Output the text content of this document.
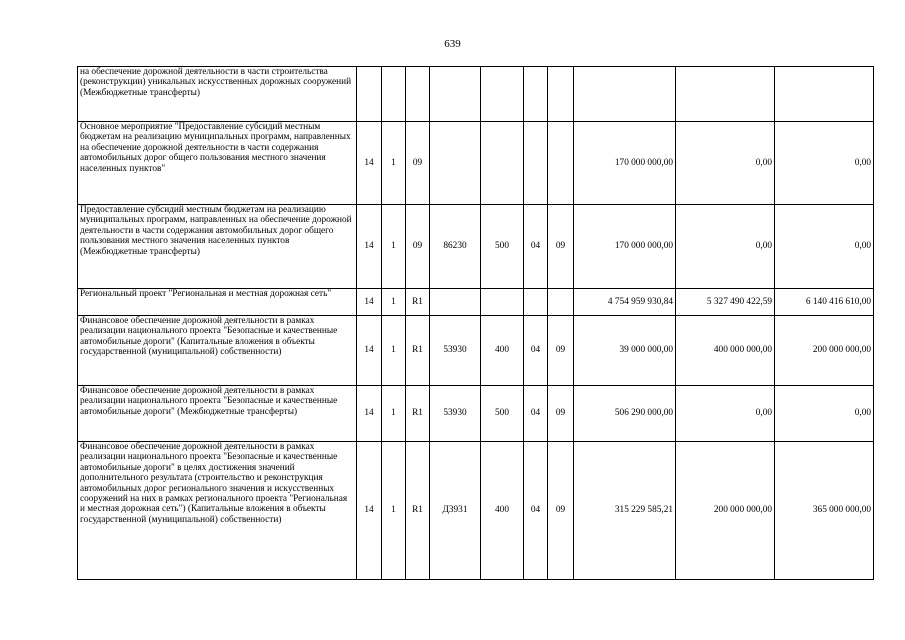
639
на обеспечение дорожной деятельности в части строительства (реконструкции) уникальных искусственных дорожных сооружений (Межбюджетные трансферты)										
Основное мероприятие "Предоставление субсидий местным бюджетам на реализацию муниципальных программ, направленных на обеспечение дорожной деятельности в части содержания автомобильных дорог общего пользования местного значения населенных пунктов"	14	1	09					170 000 000,00	0,00	0,00
Предоставление субсидий местным бюджетам на реализацию муниципальных программ, направленных на обеспечение дорожной деятельности в части содержания автомобильных дорог общего пользования местного значения населенных пунктов (Межбюджетные трансферты)	14	1	09	86230	500	04	09	170 000 000,00	0,00	0,00
Региональный проект "Региональная и местная дорожная сеть"	14	1	R1					4 754 959 930,84	5 327 490 422,59	6 140 416 610,00
Финансовое обеспечение дорожной деятельности в рамках реализации национального проекта "Безопасные и качественные автомобильные дороги" (Капитальные вложения в объекты государственной (муниципальной) собственности)	14	1	R1	53930	400	04	09	39 000 000,00	400 000 000,00	200 000 000,00
Финансовое обеспечение дорожной деятельности в рамках реализации национального проекта "Безопасные и качественные автомобильные дороги" (Межбюджетные трансферты)	14	1	R1	53930	500	04	09	506 290 000,00	0,00	0,00
Финансовое обеспечение дорожной деятельности в рамках реализации национального проекта "Безопасные и качественные автомобильные дороги" в целях достижения значений дополнительного результата (строительство и реконструкция автомобильных дорог регионального значения и искусственных сооружений на них в рамках регионального проекта "Региональная и местная дорожная сеть") (Капитальные вложения в объекты государственной (муниципальной) собственности)	14	1	R1	Д3931	400	04	09	315 229 585,21	200 000 000,00	365 000 000,00
